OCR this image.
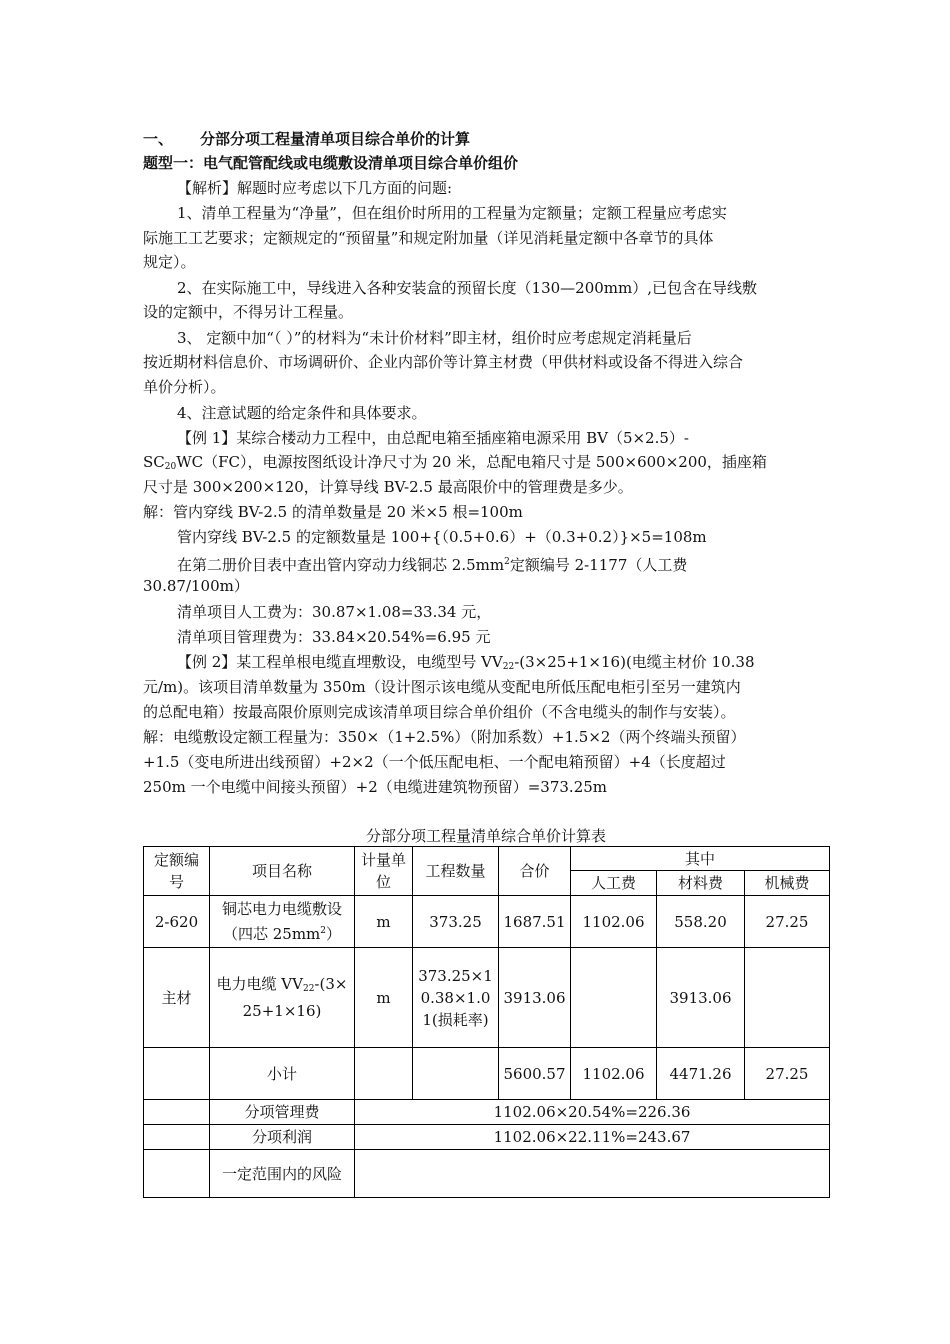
一、 分部分项工程量清单项目综合单价的计算
题型一：电气配管配线或电缆敷设清单项目综合单价组价
【解析】解题时应考虑以下几方面的问题:
1、清单工程量为“净量”，但在组价时所用的工程量为定额量；定额工程量应考虑实
际施工工艺要求；定额规定的“预留量”和规定附加量（详见消耗量定额中各章节的具体
规定）。
2、在实际施工中，导线进入各种安装盒的预留长度（130—200mm）,已包含在导线敷
设的定额中，不得另计工程量。
3、 定额中加“（ ）”的材料为“未计价材料”即主材，组价时应考虑规定消耗量后
按近期材料信息价、市场调研价、企业内部价等计算主材费（甲供材料或设备不得进入综合
单价分析）。
4、注意试题的给定条件和具体要求。
【例 1】某综合楼动力工程中，由总配电箱至插座箱电源采用 BV（5×2.5）-
$SC_{20}WC(FC)$，电源按图纸设计净尺寸为 20 米，总配电箱尺寸是 500×600×200，插座箱
尺寸是 300×200×120，计算导线 BV-2.5 最高限价中的管理费是多少。
解：管内穿线 BV-2.5 的清单数量是 20 米×5 根=100m
管内穿线 BV-2.5 的定额数量是 100+{（0.5+0.6）+（0.3+0.2）}×5=108m
在第二册价目表中查出管内穿动力线铜芯 $2.5mm^2$定额编号 2-1177（人工费
30.87/100m）
清单项目人工费为：30.87×1.08=33.34 元，
清单项目管理费为：33.84×20.54%=6.95 元
【例 2】某工程单根电缆直埋敷设，电缆型号 $VV_{22}-(3\times 25+1\times 16)$(电缆主材价 10.38
元/m)。该项目清单数量为 350m（设计图示该电缆从变配电所低压配电柜引至另一建筑内
的总配电箱）按最高限价原则完成该清单项目综合单价组价（不含电缆头的制作与安装）。
解：电缆敷设定额工程量为：350×（1+2.5%）（附加系数）+1.5×2（两个终端头预留）
+1.5（变电所进出线预留）+2×2（一个低压配电柜、一个配电箱预留）+4（长度超过
250m 一个电缆中间接头预留）+2（电缆进建筑物预留）=373.25m
分部分项工程量清单综合单价计算表
定额编号	项目名称	计量单位	工程数量	合价	其中		
					人工费	材料费	机械费
2-620	铜芯电力电缆敷设（四芯 $25mm^2$）	m	373.25	1687.51	1102.06	558.20	27.25
主材	电力电缆 $VV_{22}-(3\times 25+1\times 16)$	m	373.25×10.38×1.01(损耗率)	3913.06		3913.06	
	小计			5600.57	1102.06	4471.26	27.25
	分项管理费	1102.06×20.54%=226.36					
	分项利润	1102.06×22.11%=243.67					
	一定范围内的风险						
